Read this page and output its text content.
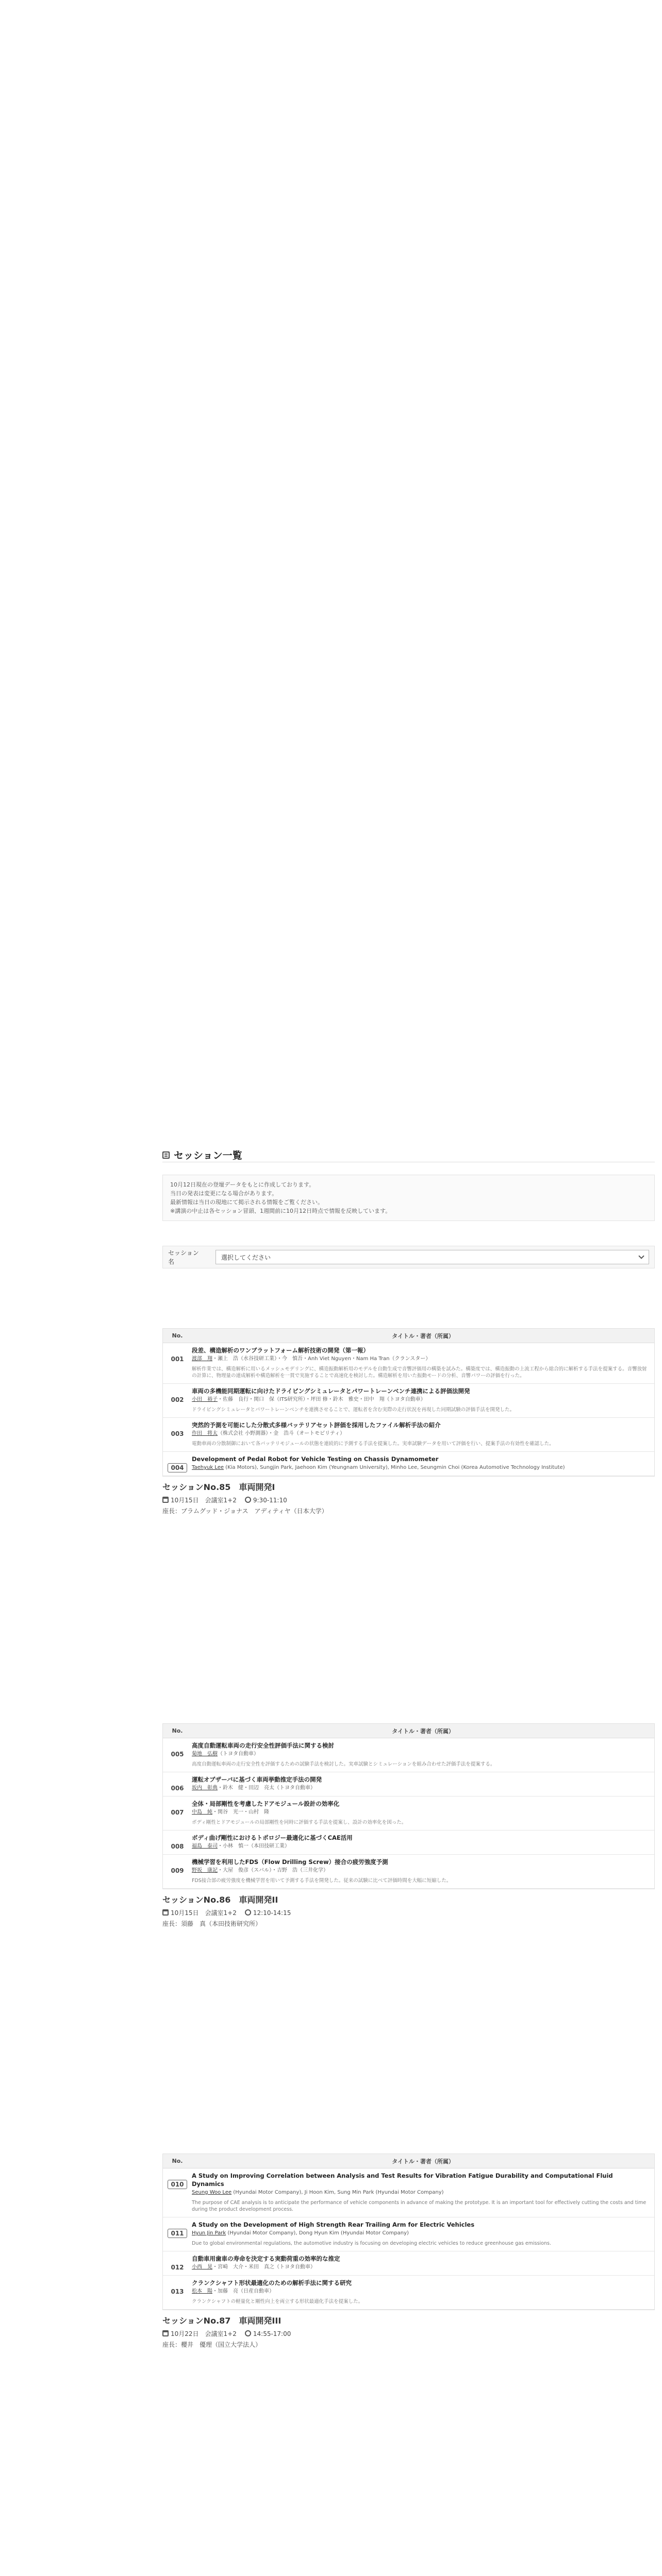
セッション一覧
10月12日現在の登壇データをもとに作成しております。
当日の発表は変更になる場合があります。
最新情報は当日の現地にて掲示される情報をご覧ください。
※講演の中止は各セッション冒頭、1週間前に10月12日時点で情報を反映しています。
セッション名
選択してください
No.	タイトル・著者（所属）
001
段差、構造解析のワンブラットフォーム解析技術の開発（第一報）
渡部　翔・瀬上　浩（水谷技研工業）・今　慎吾・Anh Viet Nguyen・Nam Ha Tran（クランスター）
解析作業では、構造解析に用いるメッシュモデリングに、構造振動解析用のモデルを自動生成で音響評価用の構築を試みた。構築度では、構造振動の上流工程から総合的に解析する手法を提案する。音響放射の計算に、物理量の連成解析や構造解析を一貫で実施することで高速化を検討した。構造解析を用いた振動モードの分析、音響パワーの評価を行った。
002
車両の多機能同期運転に向けたドライビングシミュレータとパワートレーンベンチ連携による評価法開発
小田　裕子・佐藤　良行・関口　保（ITS研究所）・坪田 修・鈴木　雅史・田中　翔（トヨタ自動車）
ドライビングシミュレータとパワートレーンベンチを連携させることで、運転者を含む実際の走行状況を再現した同期試験の評価手法を開発した。
003
突然的予測を可能にした分散式多様バッテリアセット評価を採用したファイル解析手法の紹介
作田　将太（株式会社 小野測器）・金　浩斗（オートモビリティ）
電動車両の分散制御において各バッテリモジュールの状態を連続的に予測する手法を提案した。実車試験データを用いて評価を行い、提案手法の有効性を確認した。
004
Development of Pedal Robot for Vehicle Testing on Chassis Dynamometer
Taehyuk Lee (Kia Motors), Sungjin Park, Jaehoon Kim (Yeungnam University), Minho Lee, Seungmin Choi (Korea Automotive Technology Institute)
セッションNo.85　車両開発I
10月15日　会議室1+2	9:30-11:10
座長：ブラムグッド・ジョナス　アディティヤ（日本大学）
No.	タイトル・著者（所属）
005
高度自動運転車両の走行安全性評価手法に関する検討
菊地　弘樹（トヨタ自動車）
高度自動運転車両の走行安全性を評価するための試験手法を検討した。実車試験とシミュレーションを組み合わせた評価手法を提案する。
006
運転オブザーバに基づく車両挙動推定手法の開発
坂内　彰典・鈴木　健・田辺　亮太（トヨタ自動車）
007
全体・局部剛性を考慮したドアモジュール設計の効率化
中島　純・関谷　光一・山村　隆
ボディ剛性とドアモジュールの局部剛性を同時に評価する手法を提案し、設計の効率化を図った。
008
ボディ曲げ剛性におけるトポロジー最適化に基づくCAE活用
福島　泰司・小林　慎一（本田技研工業）
009
機械学習を利用したFDS（Flow Drilling Screw）接合の疲労強度予測
野坂　康記・大屋　俊彦（スバル）・吉野　浩（三井化学）
FDS接合部の疲労強度を機械学習を用いて予測する手法を開発した。従来の試験に比べて評価時間を大幅に短縮した。
セッションNo.86　車両開発II
10月15日　会議室1+2	12:10-14:15
座長：須藤　真（本田技術研究所）
No.	タイトル・著者（所属）
010
A Study on Improving Correlation between Analysis and Test Results for Vibration Fatigue Durability and Computational Fluid Dynamics
Seung Woo Lee (Hyundai Motor Company), Ji Hoon Kim, Sung Min Park (Hyundai Motor Company)
The purpose of CAE analysis is to anticipate the performance of vehicle components in advance of making the prototype. It is an important tool for effectively cutting the costs and time during the product development process.
011
A Study on the Development of High Strength Rear Trailing Arm for Electric Vehicles
Hyun Jin Park (Hyundai Motor Company), Dong Hyun Kim (Hyundai Motor Company)
Due to global environmental regulations, the automotive industry is focusing on developing electric vehicles to reduce greenhouse gas emissions.
012
自動車用歯車の寿命を決定する実動荷重の効率的な推定
小西　晃・宮崎　大介・米田　真之（トヨタ自動車）
013
クランクシャフト形状最適化のための解析手法に関する研究
松本　陽・加藤　亮（日産自動車）
クランクシャフトの軽量化と剛性向上を両立する形状最適化手法を提案した。
セッションNo.87　車両開発III
10月22日　会議室1+2	14:55-17:00
座長：櫻井　優理（国立大学法人）
